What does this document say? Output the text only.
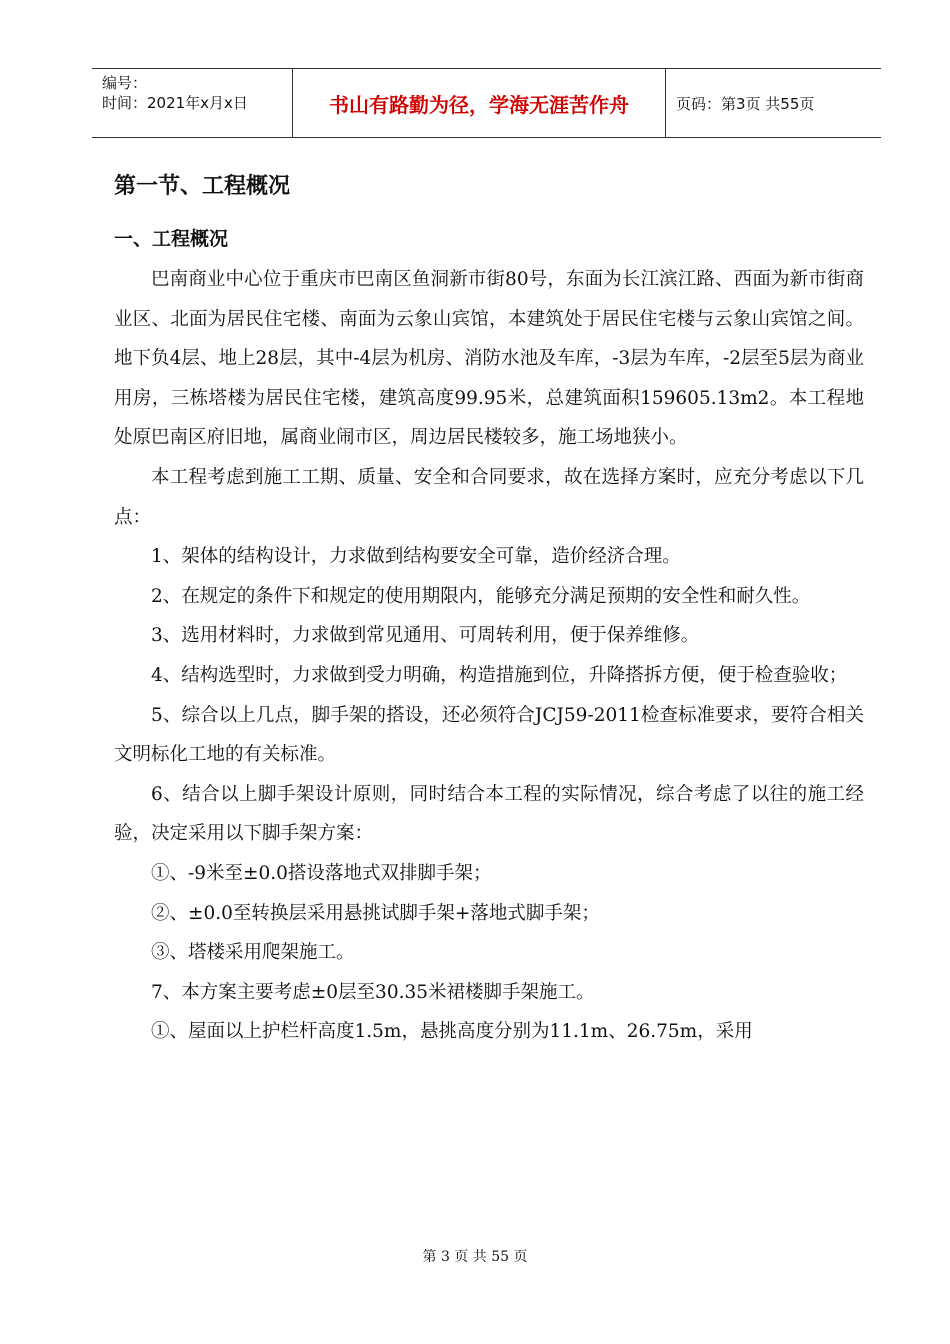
编号：
时间：2021年x月x日	书山有路勤为径，学海无涯苦作舟	页码：第3页 共55页
第一节、工程概况
一、工程概况

巴南商业中心位于重庆市巴南区鱼洞新市街80号，东面为长江滨江路、西面为新市街商业区、北面为居民住宅楼、南面为云象山宾馆，本建筑处于居民住宅楼与云象山宾馆之间。地下负4层、地上28层，其中-4层为机房、消防水池及车库，-3层为车库，-2层至5层为商业用房，三栋塔楼为居民住宅楼，建筑高度99.95米，总建筑面积159605.13m2。本工程地处原巴南区府旧地，属商业闹市区，周边居民楼较多，施工场地狭小。

本工程考虑到施工工期、质量、安全和合同要求，故在选择方案时，应充分考虑以下几点：

1、架体的结构设计，力求做到结构要安全可靠，造价经济合理。

2、在规定的条件下和规定的使用期限内，能够充分满足预期的安全性和耐久性。

3、选用材料时，力求做到常见通用、可周转利用，便于保养维修。

4、结构选型时，力求做到受力明确，构造措施到位，升降搭拆方便，便于检查验收；

5、综合以上几点，脚手架的搭设，还必须符合JCJ59-2011检查标准要求，要符合相关文明标化工地的有关标准。

6、结合以上脚手架设计原则，同时结合本工程的实际情况，综合考虑了以往的施工经验，决定采用以下脚手架方案：

①、-9米至±0.0搭设落地式双排脚手架；

②、±0.0至转换层采用悬挑试脚手架+落地式脚手架；

③、塔楼采用爬架施工。

7、本方案主要考虑±0层至30.35米裙楼脚手架施工。

①、屋面以上护栏杆高度1.5m，悬挑高度分别为11.1m、26.75m，采用

第 3 页 共 55 页
